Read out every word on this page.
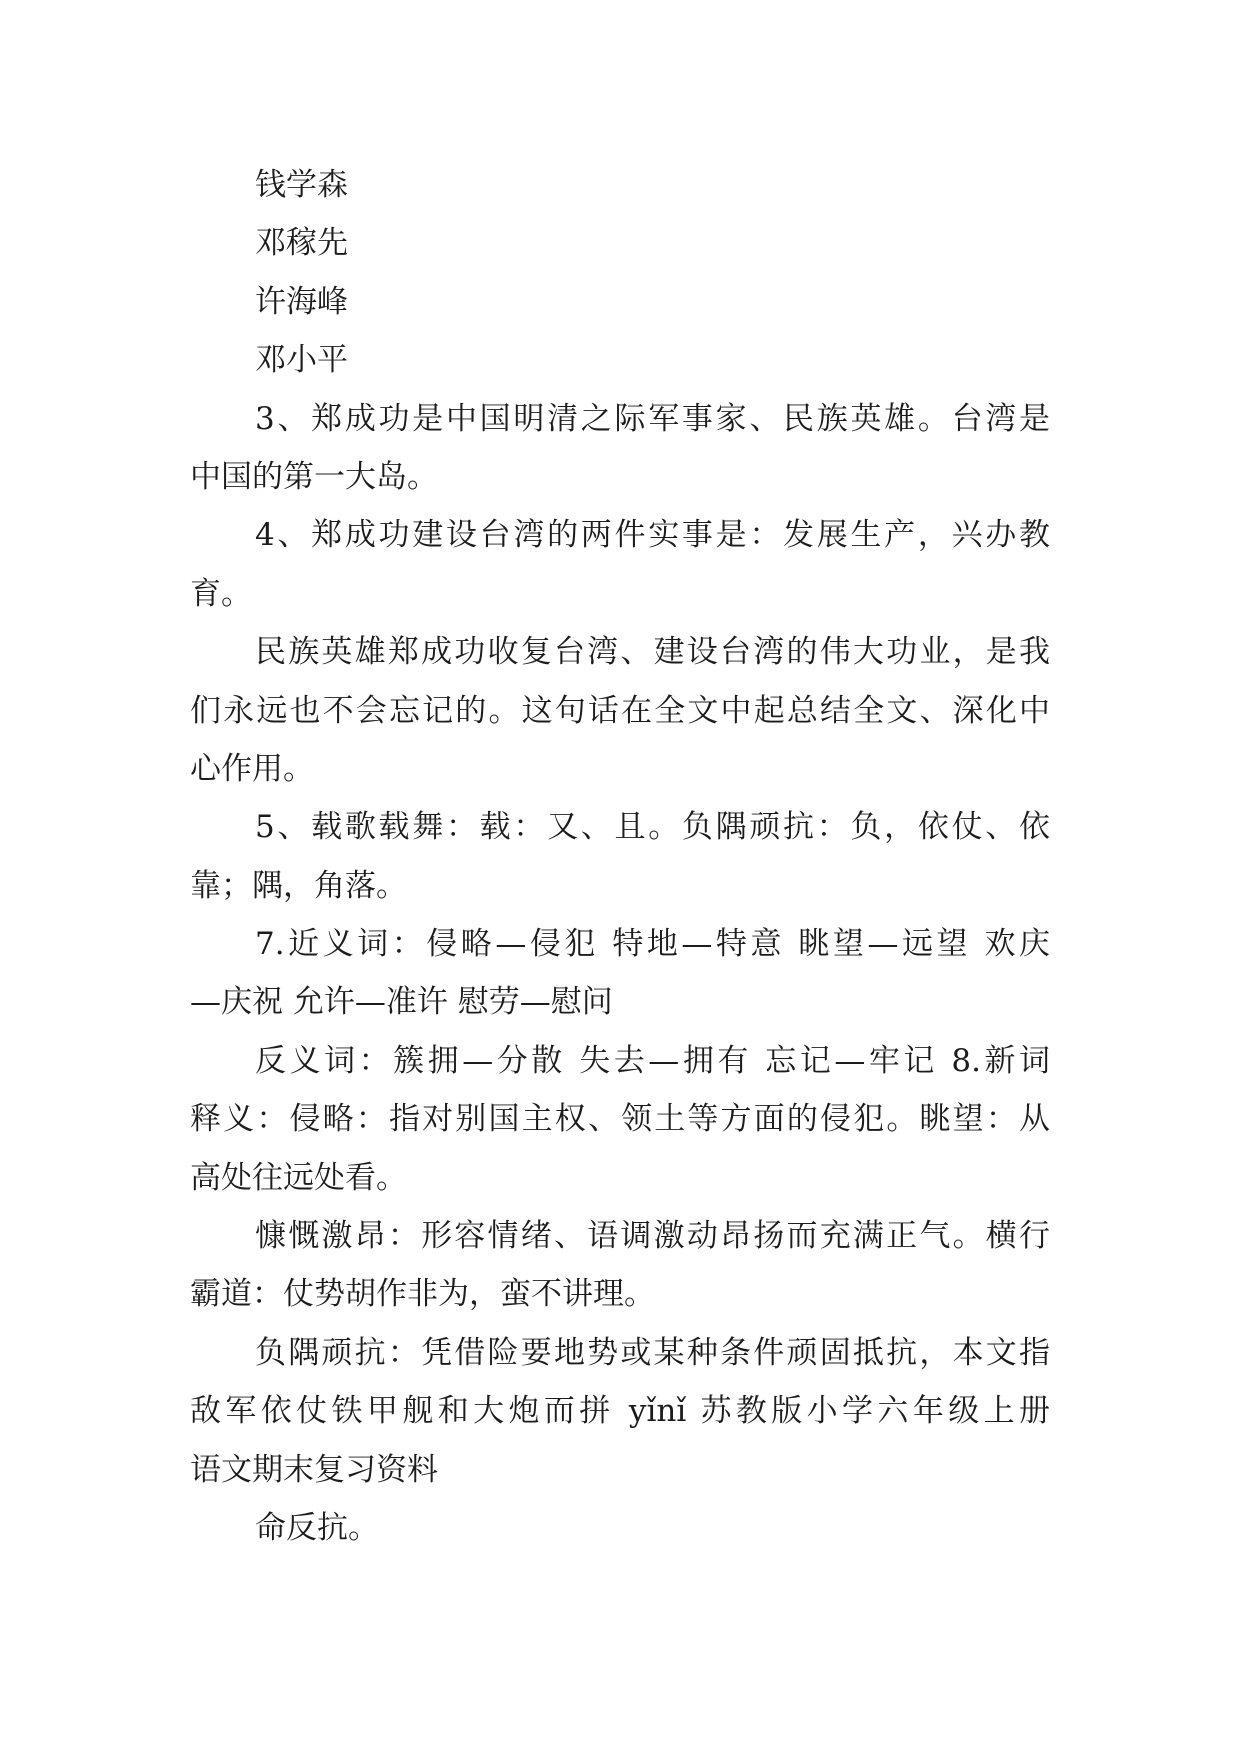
钱学森
邓稼先
许海峰
邓小平
3、郑成功是中国明清之际军事家、民族英雄。台湾是
中国的第一大岛。
4、郑成功建设台湾的两件实事是：发展生产，兴办教
育。
民族英雄郑成功收复台湾、建设台湾的伟大功业，是我
们永远也不会忘记的。这句话在全文中起总结全文、深化中
心作用。
5、载歌载舞：载：又、且。负隅顽抗：负，依仗、依
靠；隅，角落。
7.近义词：侵略—侵犯 特地—特意 眺望—远望 欢庆
—庆祝 允许—准许 慰劳—慰问
反义词：簇拥—分散 失去—拥有 忘记—牢记 8.新词
释义：侵略：指对别国主权、领土等方面的侵犯。眺望：从
高处往远处看。
慷慨激昂：形容情绪、语调激动昂扬而充满正气。横行
霸道：仗势胡作非为，蛮不讲理。
负隅顽抗：凭借险要地势或某种条件顽固抵抗，本文指
敌军依仗铁甲舰和大炮而拼 yǐnǐ 苏教版小学六年级上册
语文期末复习资料
命反抗。
